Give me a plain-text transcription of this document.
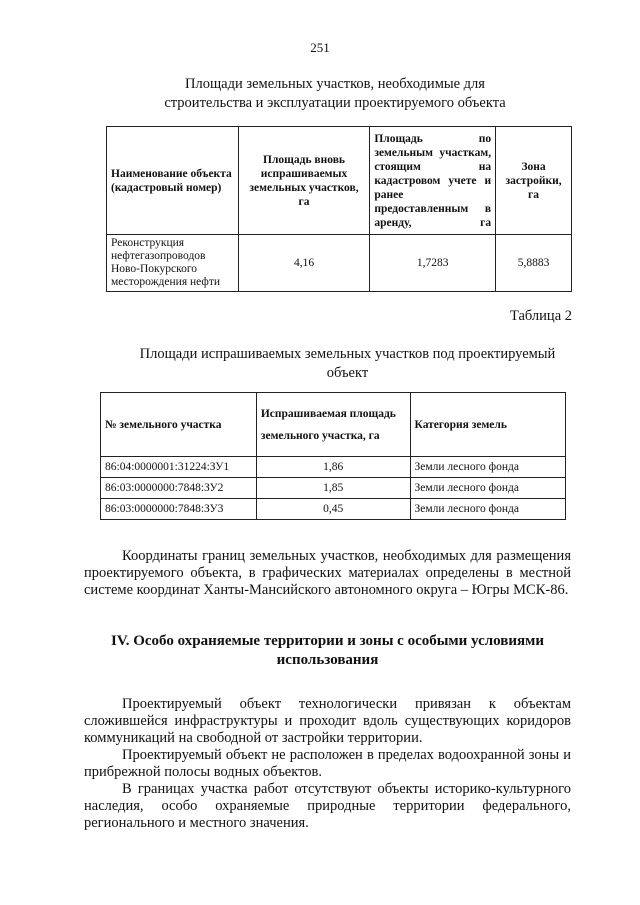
251
Площади земельных участков, необходимые для
строительства и эксплуатации проектируемого объекта
Наименование объекта (кадастровый номер)	Площадь вновь испрашиваемых земельных участков, га	Площадь по земельным участкам, стоящим на кадастровом учете и ранее предоставленным в аренду, га	Зона застройки, га
Реконструкция нефтегазопроводов Ново-Покурского месторождения нефти	4,16	1,7283	5,8883
Таблица 2
Площади испрашиваемых земельных участков под проектируемый
объект
№ земельного участка	Испрашиваемая площадь земельного участка, га	Категория земель
86:04:0000001:31224:ЗУ1	1,86	Земли лесного фонда
86:03:0000000:7848:ЗУ2	1,85	Земли лесного фонда
86:03:0000000:7848:ЗУ3	0,45	Земли лесного фонда
Координаты границ земельных участков, необходимых для размещения проектируемого объекта, в графических материалах определены в местной системе координат Ханты-Мансийского автономного округа – Югры МСК-86.
IV. Особо охраняемые территории и зоны с особыми условиями
использования
Проектируемый объект технологически привязан к объектам сложившейся инфраструктуры и проходит вдоль существующих коридоров коммуникаций на свободной от застройки территории.
Проектируемый объект не расположен в пределах водоохранной зоны и прибрежной полосы водных объектов.
В границах участка работ отсутствуют объекты историко-культурного наследия, особо охраняемые природные территории федерального, регионального и местного значения.
